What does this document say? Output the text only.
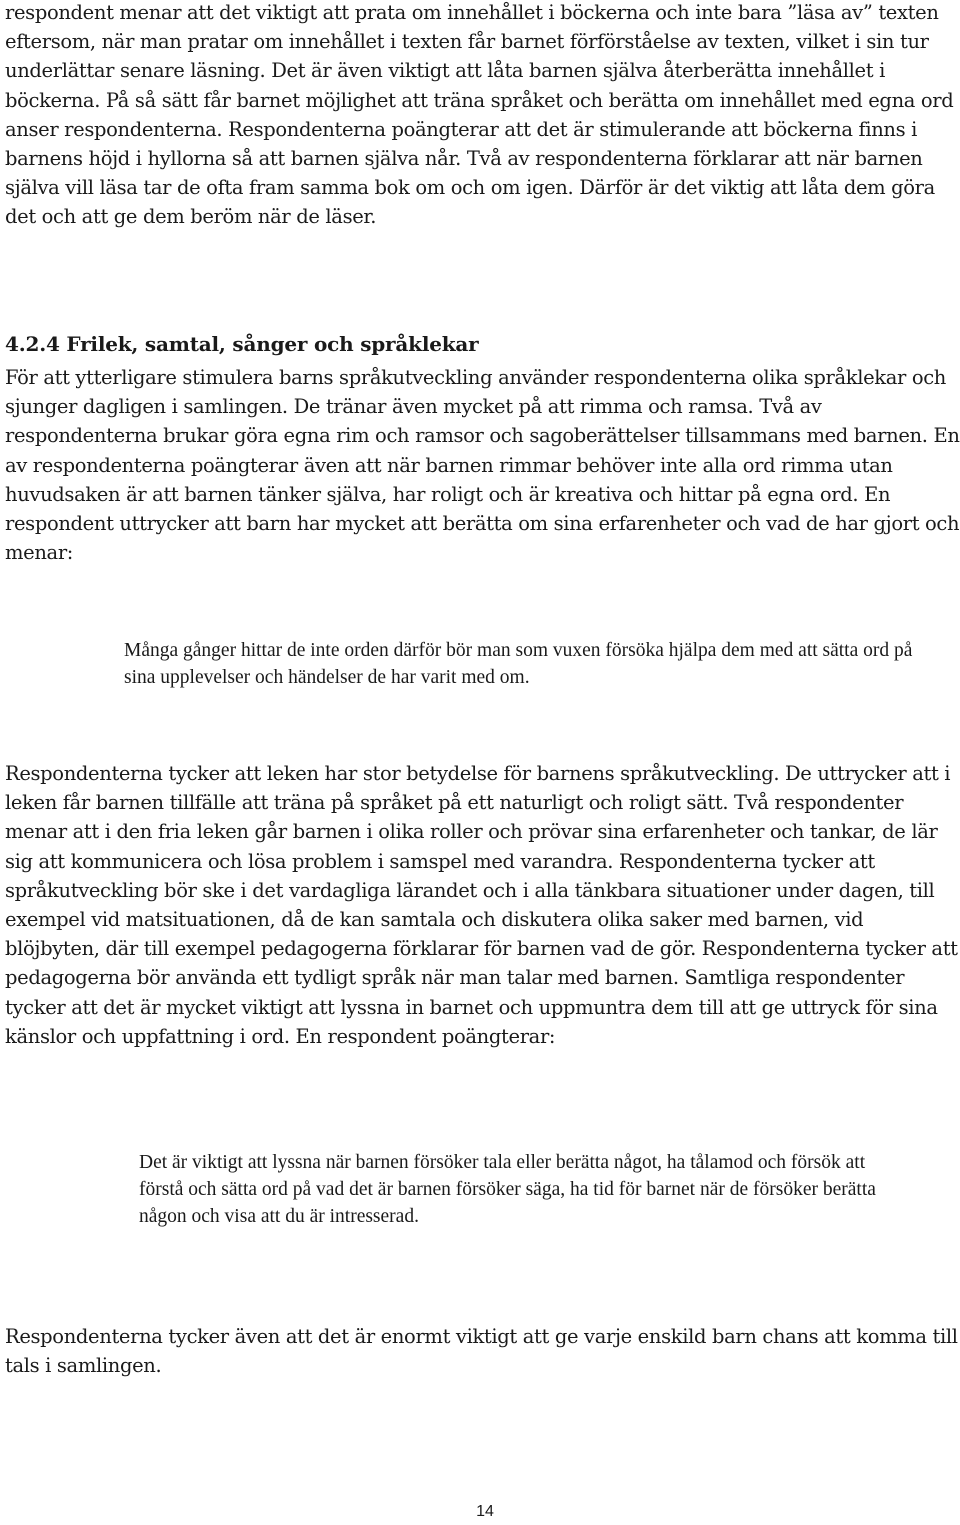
respondent menar att det viktigt att prata om innehållet i böckerna och inte bara ”läsa av” texten eftersom, när man pratar om innehållet i texten får barnet förförståelse av texten, vilket i sin tur underlättar senare läsning. Det är även viktigt att låta barnen själva återberätta innehållet i böckerna. På så sätt får barnet möjlighet att träna språket och berätta om innehållet med egna ord anser respondenterna. Respondenterna poängterar att det är stimulerande att böckerna finns i barnens höjd i hyllorna så att barnen själva når. Två av respondenterna förklarar att när barnen själva vill läsa tar de ofta fram samma bok om och om igen. Därför är det viktig att låta dem göra det och att ge dem beröm när de läser.

4.2.4 Frilek, samtal, sånger och språklekar

För att ytterligare stimulera barns språkutveckling använder respondenterna olika språklekar och sjunger dagligen i samlingen. De tränar även mycket på att rimma och ramsa. Två av respondenterna brukar göra egna rim och ramsor och sagoberättelser tillsammans med barnen. En av respondenterna poängterar även att när barnen rimmar behöver inte alla ord rimma utan huvudsaken är att barnen tänker själva, har roligt och är kreativa och hittar på egna ord. En respondent uttrycker att barn har mycket att berätta om sina erfarenheter och vad de har gjort och menar:

Många gånger hittar de inte orden därför bör man som vuxen försöka hjälpa dem med att sätta ord på sina upplevelser och händelser de har varit med om.

Respondenterna tycker att leken har stor betydelse för barnens språkutveckling. De uttrycker att i leken får barnen tillfälle att träna på språket på ett naturligt och roligt sätt. Två respondenter menar att i den fria leken går barnen i olika roller och prövar sina erfarenheter och tankar, de lär sig att kommunicera och lösa problem i samspel med varandra. Respondenterna tycker att språkutveckling bör ske i det vardagliga lärandet och i alla tänkbara situationer under dagen, till exempel vid matsituationen, då de kan samtala och diskutera olika saker med barnen, vid blöjbyten, där till exempel pedagogerna förklarar för barnen vad de gör. Respondenterna tycker att pedagogerna bör använda ett tydligt språk när man talar med barnen. Samtliga respondenter tycker att det är mycket viktigt att lyssna in barnet och uppmuntra dem till att ge uttryck för sina känslor och uppfattning i ord. En respondent poängterar:

Det är viktigt att lyssna när barnen försöker tala eller berätta något, ha tålamod och försök att förstå och sätta ord på vad det är barnen försöker säga, ha tid för barnet när de försöker berätta någon och visa att du är intresserad.

Respondenterna tycker även att det är enormt viktigt att ge varje enskild barn chans att komma till tals i samlingen.

14
